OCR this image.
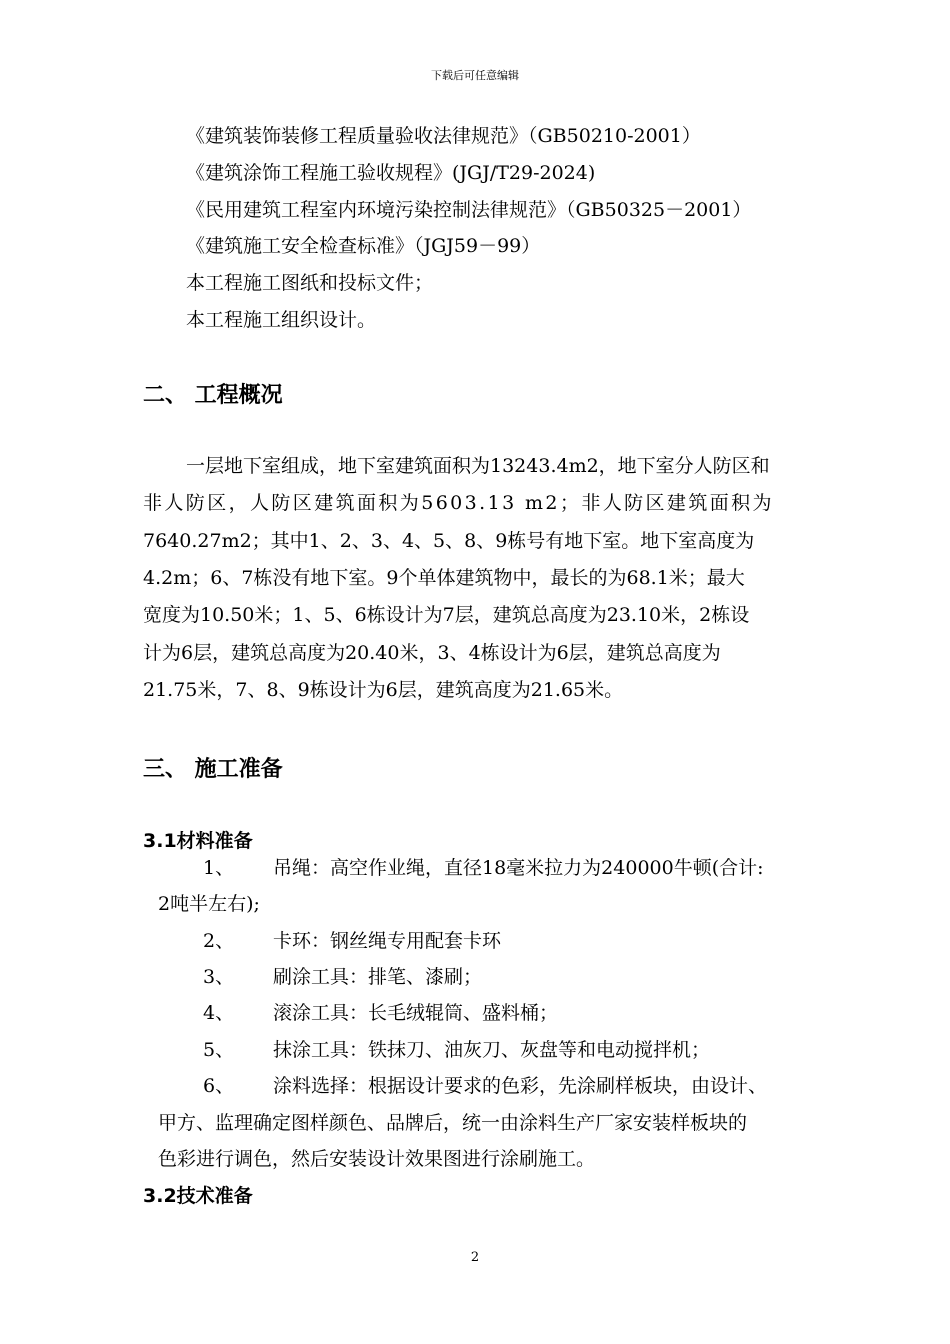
下载后可任意编辑
《建筑装饰装修工程质量验收法律规范》（GB50210-2001）
《建筑涂饰工程施工验收规程》(JGJ/T29-2024)
《民用建筑工程室内环境污染控制法律规范》（GB50325－2001）
《建筑施工安全检查标准》（JGJ59－99）
本工程施工图纸和投标文件；
本工程施工组织设计。
二、 工程概况
一层地下室组成，地下室建筑面积为13243.4m2，地下室分人防区和
非人防区，人防区建筑面积为5603.13 m2；非人防区建筑面积为
7640.27m2；其中1、2、3、4、5、8、9栋号有地下室。地下室高度为
4.2m；6、7栋没有地下室。9个单体建筑物中，最长的为68.1米；最大
宽度为10.50米；1、5、6栋设计为7层，建筑总高度为23.10米，2栋设
计为6层，建筑总高度为20.40米，3、4栋设计为6层，建筑总高度为
21.75米，7、8、9栋设计为6层，建筑高度为21.65米。
三、 施工准备
3.1材料准备
1、 吊绳：高空作业绳，直径18毫米拉力为240000牛顿(合计:
2吨半左右);
2、 卡环：钢丝绳专用配套卡环
3、 刷涂工具：排笔、漆刷；
4、 滚涂工具：长毛绒辊筒、盛料桶；
5、 抹涂工具：铁抹刀、油灰刀、灰盘等和电动搅拌机；
6、 涂料选择：根据设计要求的色彩，先涂刷样板块，由设计、
甲方、监理确定图样颜色、品牌后，统一由涂料生产厂家安装样板块的
色彩进行调色，然后安装设计效果图进行涂刷施工。
3.2技术准备
2
